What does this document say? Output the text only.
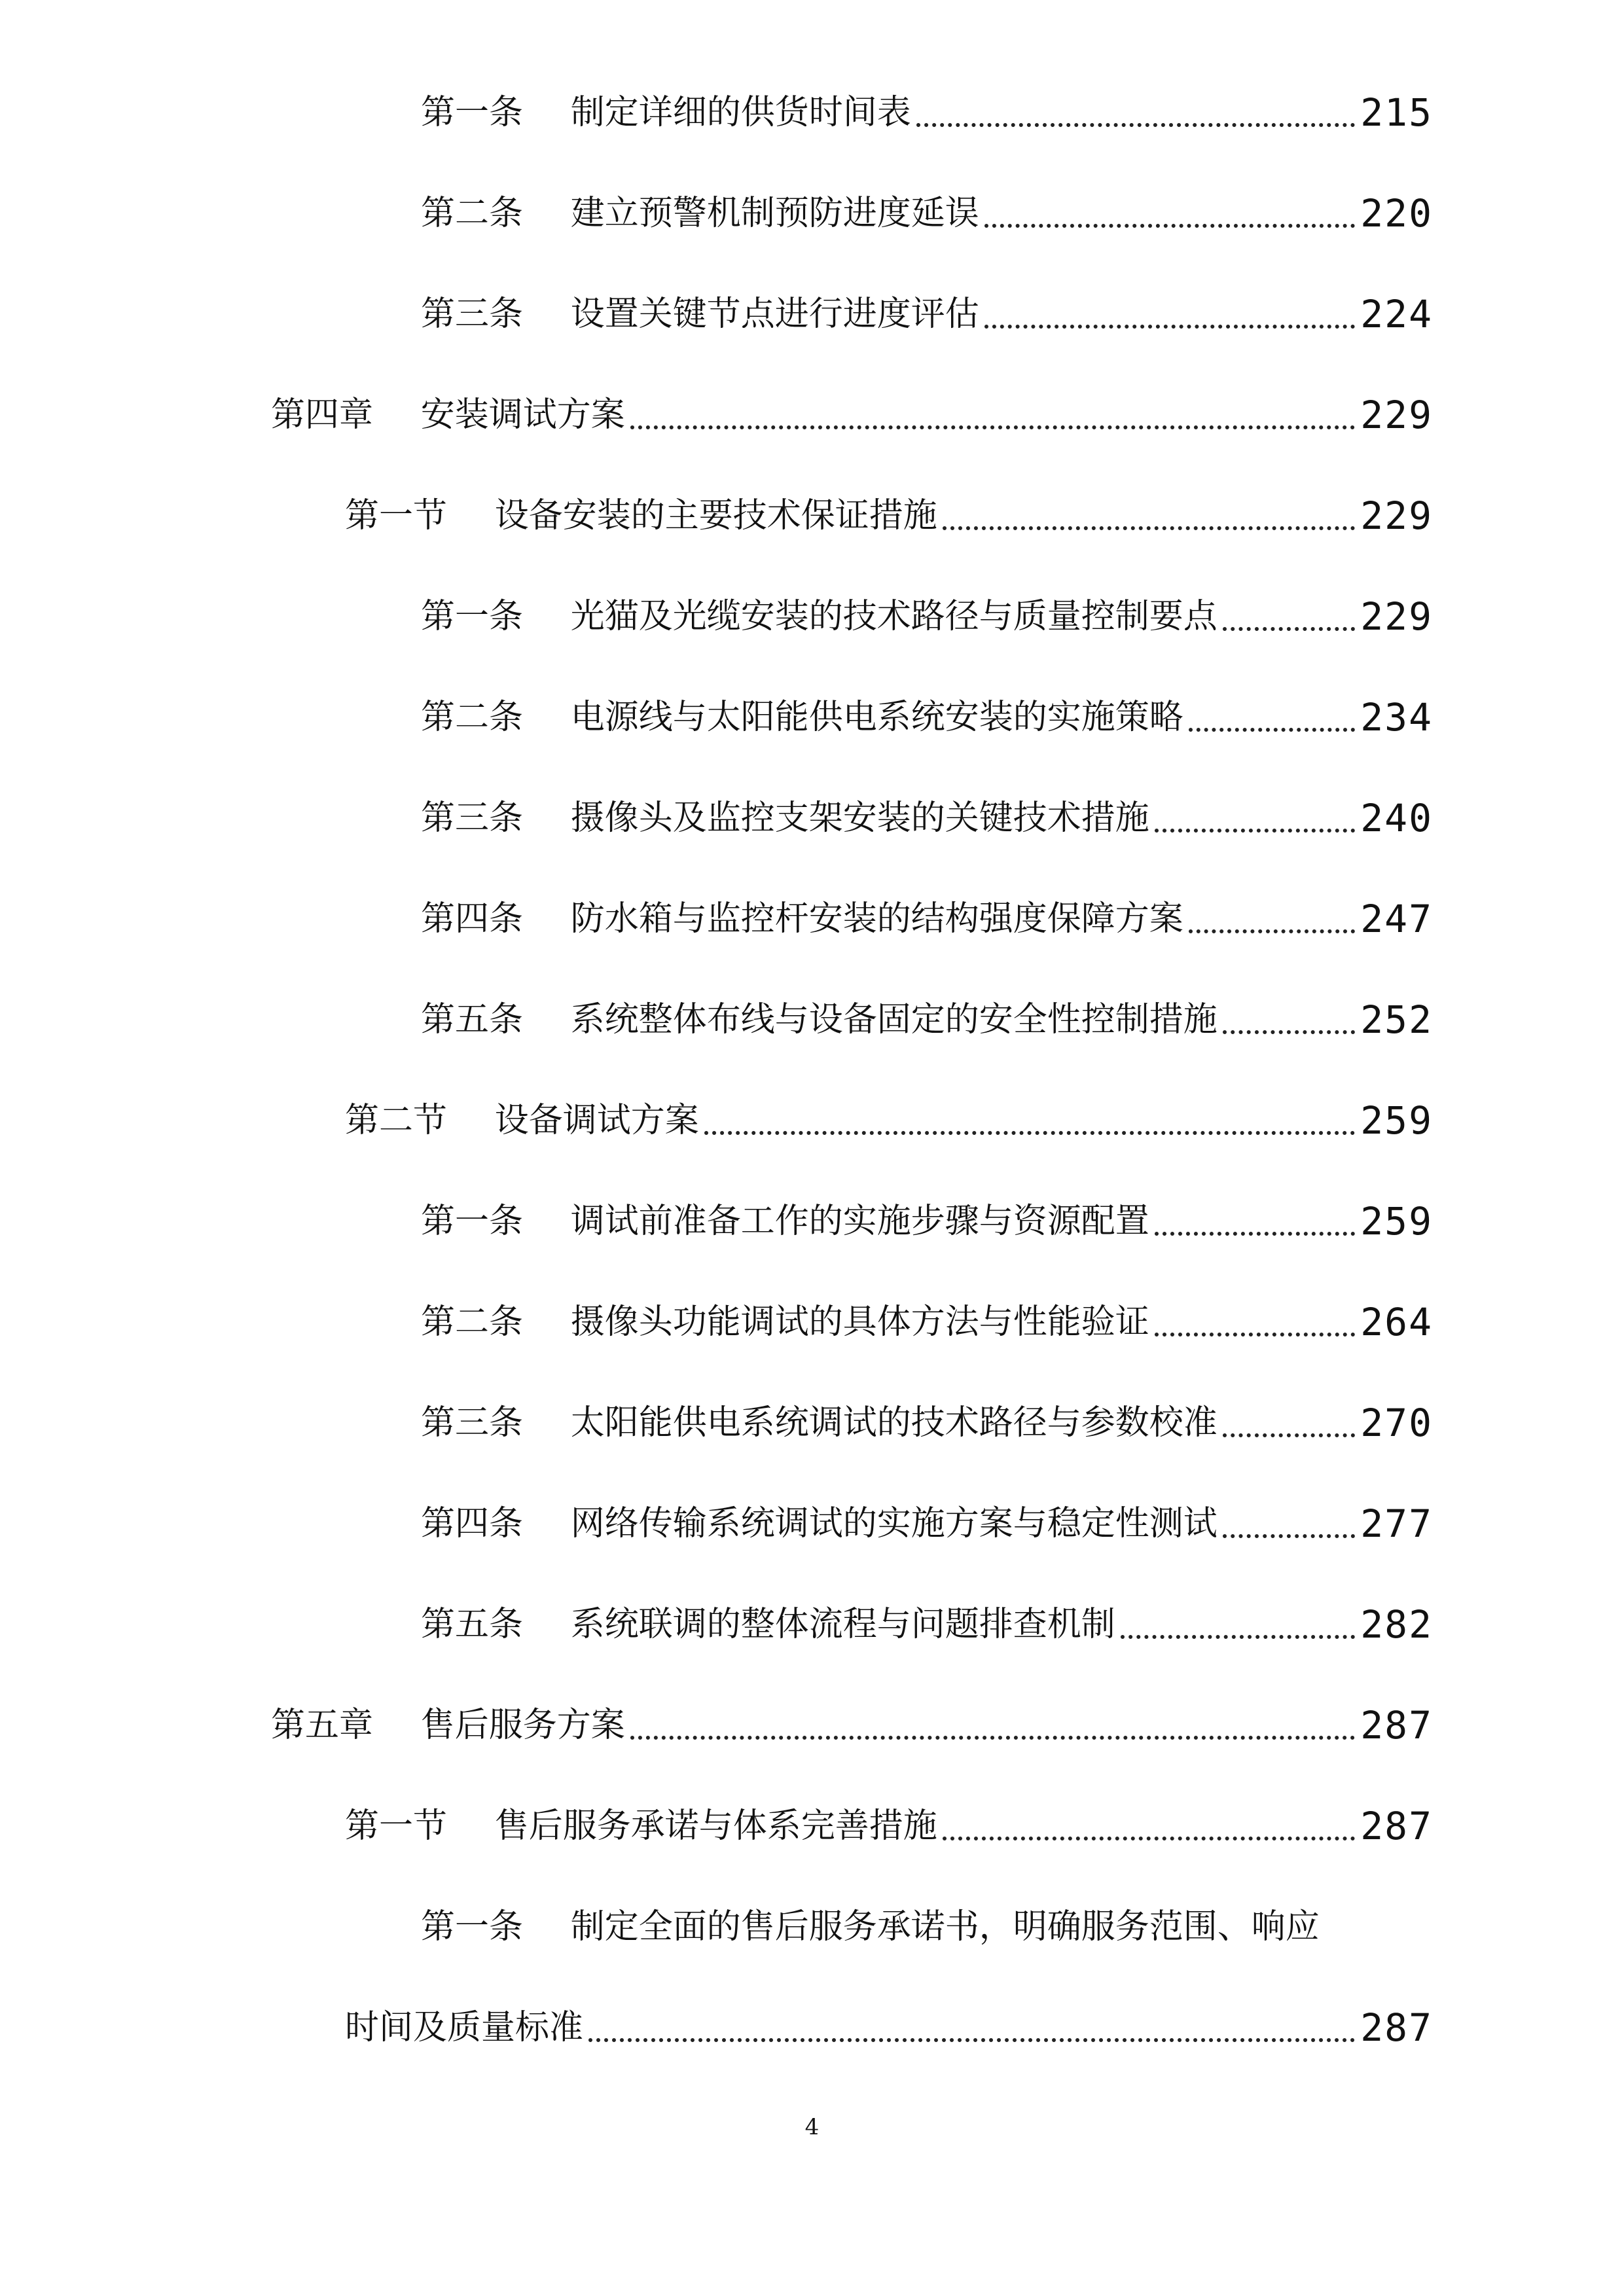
第一条 制定详细的供货时间表	215
第二条 建立预警机制预防进度延误	220
第三条 设置关键节点进行进度评估	224
第四章 安装调试方案	229
第一节 设备安装的主要技术保证措施	229
第一条 光猫及光缆安装的技术路径与质量控制要点	229
第二条 电源线与太阳能供电系统安装的实施策略	234
第三条 摄像头及监控支架安装的关键技术措施	240
第四条 防水箱与监控杆安装的结构强度保障方案	247
第五条 系统整体布线与设备固定的安全性控制措施	252
第二节 设备调试方案	259
第一条 调试前准备工作的实施步骤与资源配置	259
第二条 摄像头功能调试的具体方法与性能验证	264
第三条 太阳能供电系统调试的技术路径与参数校准	270
第四条 网络传输系统调试的实施方案与稳定性测试	277
第五条 系统联调的整体流程与问题排查机制	282
第五章 售后服务方案	287
第一节 售后服务承诺与体系完善措施	287
第一条 制定全面的售后服务承诺书，明确服务范围、响应
时间及质量标准	287
4
